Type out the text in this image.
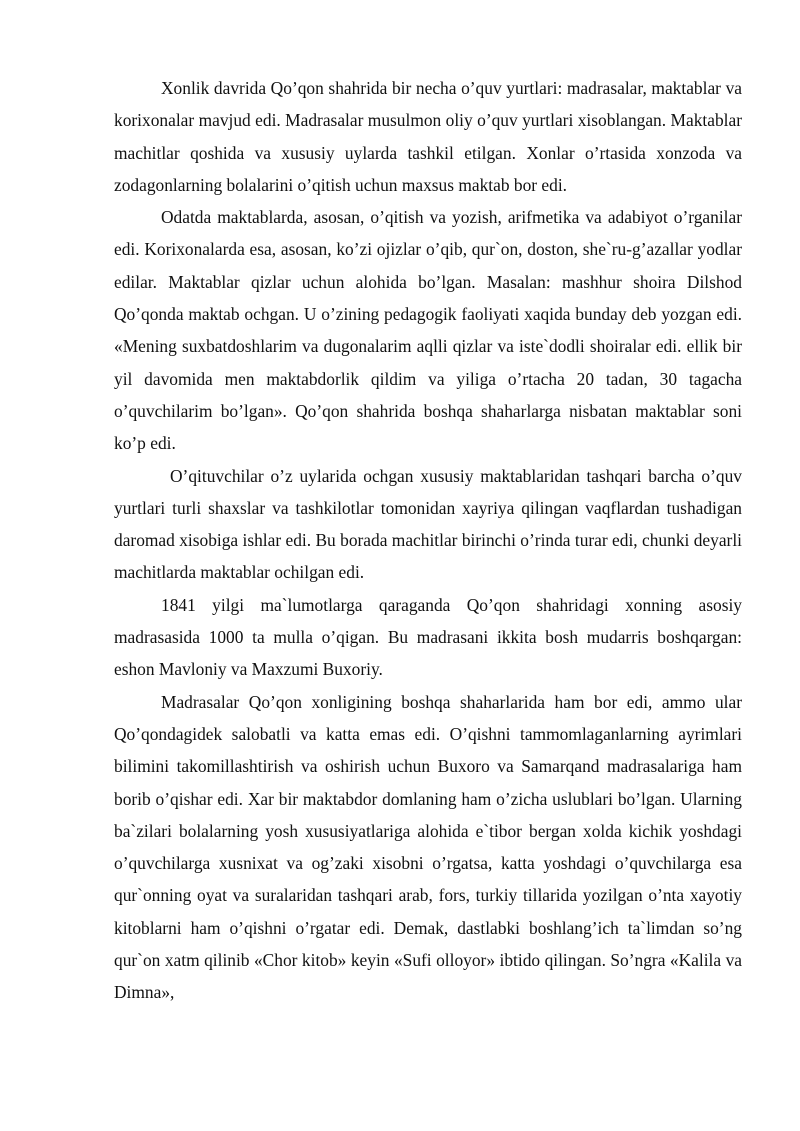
Xonlik davrida Qo’qon shahrida bir necha o’quv yurtlari: madrasalar, maktablar va korixonalar mavjud edi. Madrasalar musulmon oliy o’quv yurtlari xisoblangan. Maktablar machitlar qoshida va xususiy uylarda tashkil etilgan. Xonlar o’rtasida xonzoda va zodagonlarning bolalarini o’qitish uchun maxsus maktab bor edi.

Odatda maktablarda, asosan, o’qitish va yozish, arifmetika va adabiyot o’rganilar edi. Korixonalarda esa, asosan, ko’zi ojizlar o’qib, qur`on, doston, she`ru-g’azallar yodlar edilar. Maktablar qizlar uchun alohida bo’lgan. Masalan: mashhur shoira Dilshod Qo’qonda maktab ochgan. U o’zining pedagogik faoliyati xaqida bunday deb yozgan edi. «Mening suxbatdoshlarim va dugonalarim aqlli qizlar va iste`dodli shoiralar edi. ellik bir yil davomida men maktabdorlik qildim va yiliga o’rtacha 20 tadan, 30 tagacha o’quvchilarim bo’lgan». Qo’qon shahrida boshqa shaharlarga nisbatan maktablar soni ko’p edi.

O’qituvchilar o’z uylarida ochgan xususiy maktablaridan tashqari barcha o’quv yurtlari turli shaxslar va tashkilotlar tomonidan xayriya qilingan vaqflardan tushadigan daromad xisobiga ishlar edi. Bu borada machitlar birinchi o’rinda turar edi, chunki deyarli machitlarda maktablar ochilgan edi.

1841 yilgi ma`lumotlarga qaraganda Qo’qon shahridagi xonning asosiy madrasasida 1000 ta mulla o’qigan. Bu madrasani ikkita bosh mudarris boshqargan: eshon Mavloniy va Maxzumi Buxoriy.

Madrasalar Qo’qon xonligining boshqa shaharlarida ham bor edi, ammo ular Qo’qondagidek salobatli va katta emas edi. O’qishni tammomlaganlarning ayrimlari bilimini takomillashtirish va oshirish uchun Buxoro va Samarqand madrasalariga ham borib o’qishar edi. Xar bir maktabdor domlaning ham o’zicha uslublari bo’lgan. Ularning ba`zilari bolalarning yosh xususiyatlariga alohida e`tibor bergan xolda kichik yoshdagi o’quvchilarga xusnixat va og’zaki xisobni o’rgatsa, katta yoshdagi o’quvchilarga esa qur`onning oyat va suralaridan tashqari arab, fors, turkiy tillarida yozilgan o’nta xayotiy kitoblarni ham o’qishni o’rgatar edi. Demak, dastlabki boshlang’ich ta`limdan so’ng qur`on xatm qilinib «Chor kitob» keyin «Sufi olloyor» ibtido qilingan. So’ngra «Kalila va Dimna»,
